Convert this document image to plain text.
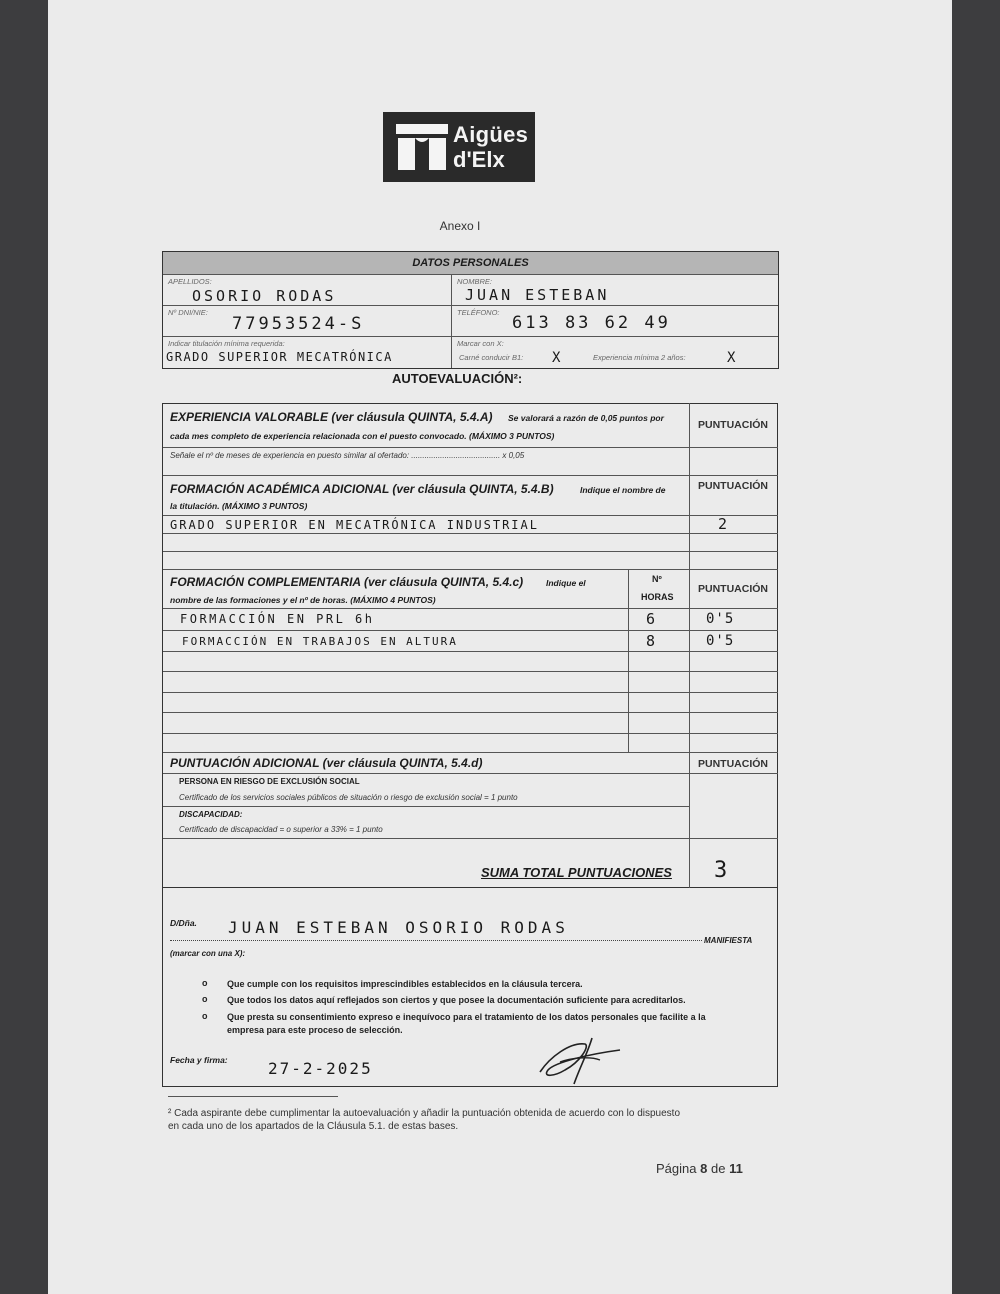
Aigües
d'Elx
Anexo I
DATOS PERSONALES
APELLIDOS:
OSORIO RODAS
NOMBRE:
JUAN ESTEBAN
Nº DNI/NIE:
77953524-S
TELÉFONO:
613 83 62 49
Indicar titulación mínima requerida:
GRADO SUPERIOR MECATRÓNICA
Marcar con X:
Carné conducir B1: X	Experiencia mínima 2 años:	X
AUTOEVALUACIÓN²:
EXPERIENCIA VALORABLE (ver cláusula QUINTA, 5.4.A) Se valorará a razón de 0,05 puntos por
cada mes completo de experiencia relacionada con el puesto convocado. (MÁXIMO 3 PUNTOS)
PUNTUACIÓN
Señale el nº de meses de experiencia en puesto similar al ofertado: ........................................ x 0,05
FORMACIÓN ACADÉMICA ADICIONAL (ver cláusula QUINTA, 5.4.B)	Indique el nombre de
la titulación. (MÁXIMO 3 PUNTOS)
PUNTUACIÓN
GRADO SUPERIOR EN MECATRÓNICA INDUSTRIAL	2
FORMACIÓN COMPLEMENTARIA (ver cláusula QUINTA, 5.4.c)	Indique el
nombre de las formaciones y el nº de horas. (MÁXIMO 4 PUNTOS)
Nº
HORAS
PUNTUACIÓN
FORMACCIÓN EN PRL 6h	6	0'5
FORMACCIÓN EN TRABAJOS EN ALTURA	8	0'5
PUNTUACIÓN ADICIONAL (ver cláusula QUINTA, 5.4.d)	PUNTUACIÓN
PERSONA EN RIESGO DE EXCLUSIÓN SOCIAL
Certificado de los servicios sociales públicos de situación o riesgo de exclusión social = 1 punto
DISCAPACIDAD:
Certificado de discapacidad = o superior a 33% = 1 punto
SUMA TOTAL PUNTUACIONES 3
D/Dña. JUAN ESTEBAN OSORIO RODAS
MANIFIESTA
(marcar con una X):
o Que cumple con los requisitos imprescindibles establecidos en la cláusula tercera.
o Que todos los datos aquí reflejados son ciertos y que posee la documentación suficiente para acreditarlos.
o Que presta su consentimiento expreso e inequívoco para el tratamiento de los datos personales que facilite a la
empresa para este proceso de selección.
Fecha y firma:	27-2-2025
² Cada aspirante debe cumplimentar la autoevaluación y añadir la puntuación obtenida de acuerdo con lo dispuesto
en cada uno de los apartados de la Cláusula 5.1. de estas bases.
Página 8 de 11
